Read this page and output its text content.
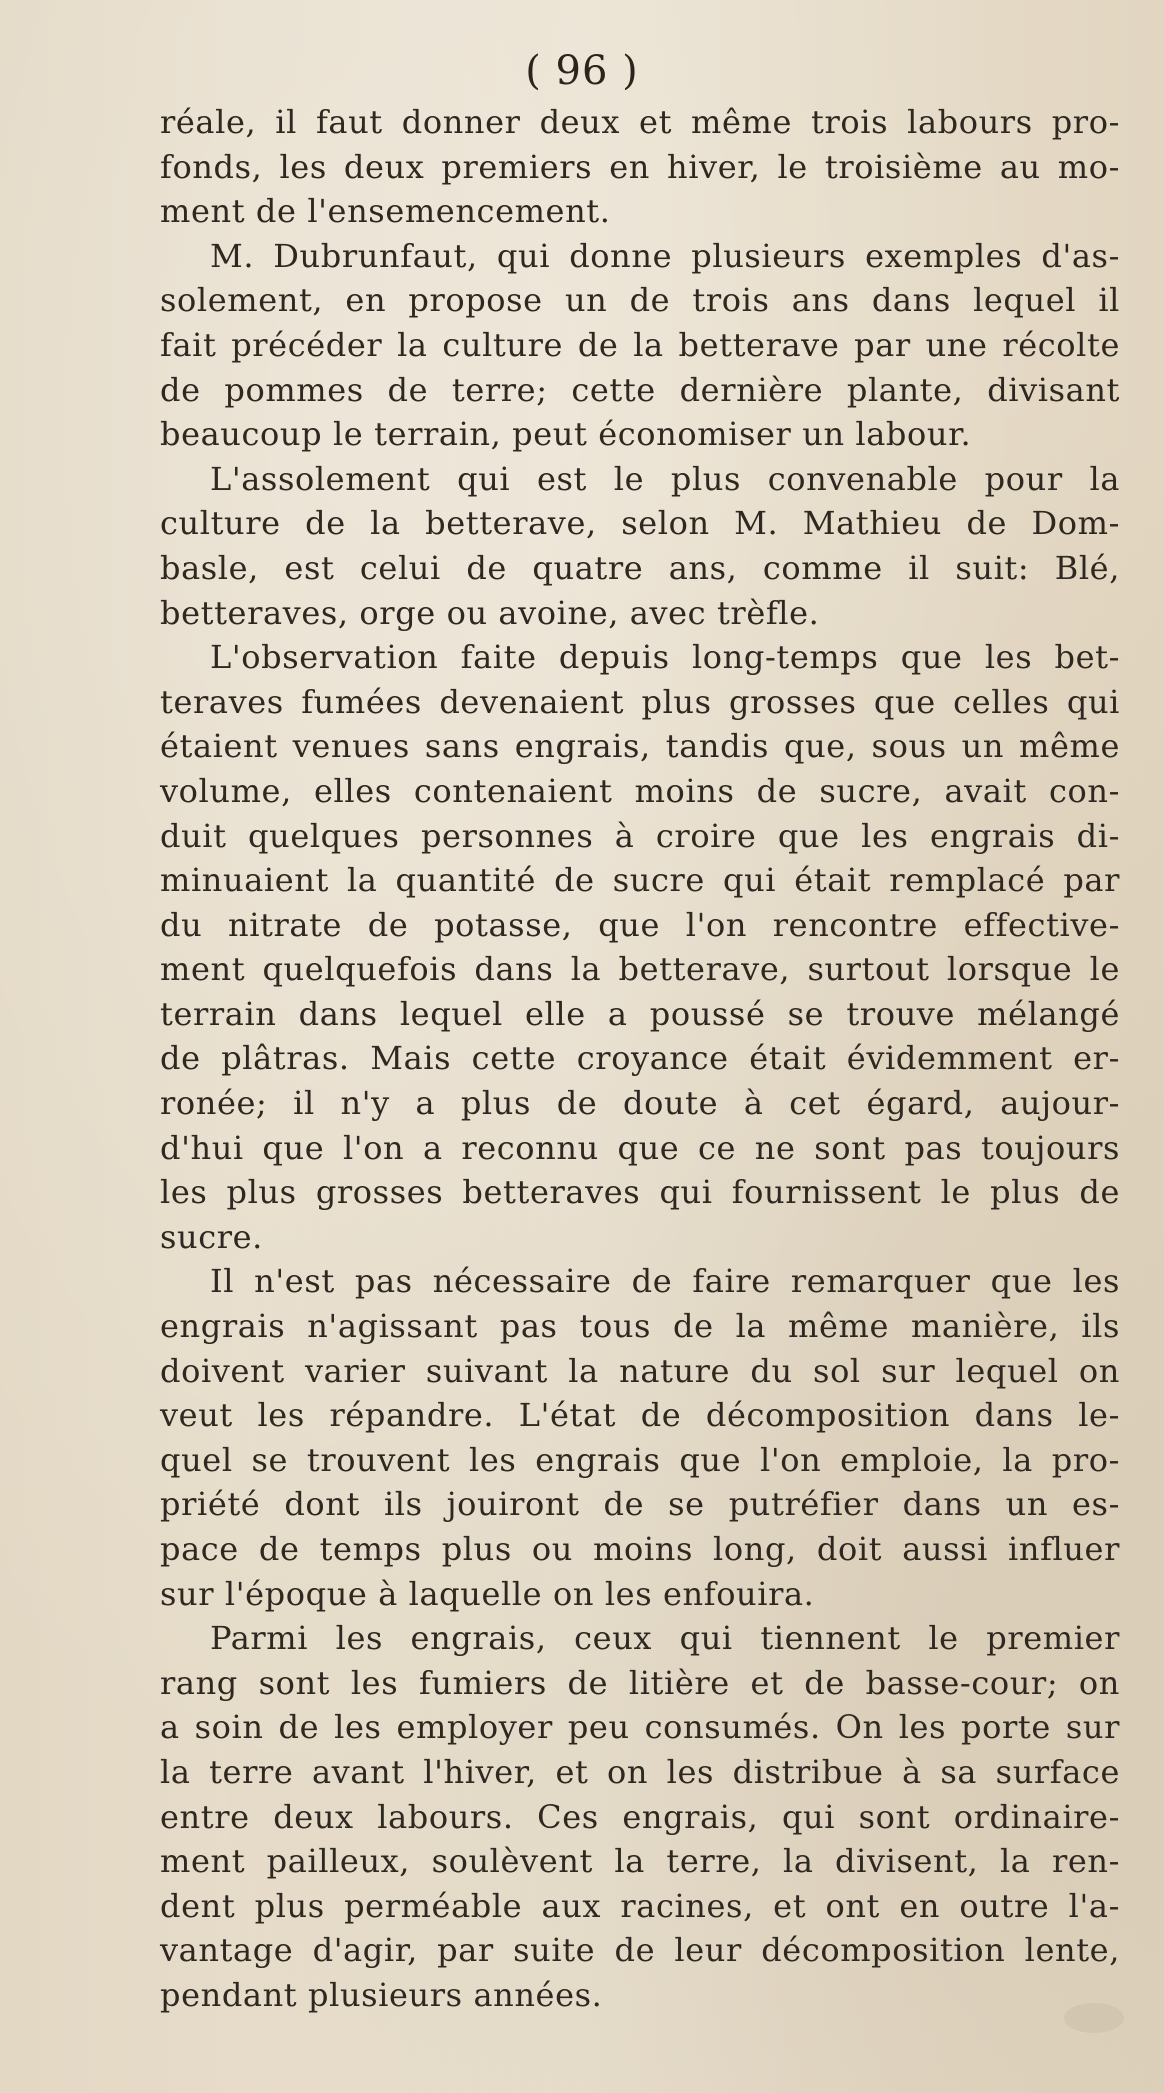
( 96 )
réale, il faut donner deux et même trois labours pro-
fonds, les deux premiers en hiver, le troisième au mo-
ment de l'ensemencement.
M. Dubrunfaut, qui donne plusieurs exemples d'as-
solement, en propose un de trois ans dans lequel il
fait précéder la culture de la betterave par une récolte
de pommes de terre; cette dernière plante, divisant
beaucoup le terrain, peut économiser un labour.
L'assolement qui est le plus convenable pour la
culture de la betterave, selon M. Mathieu de Dom-
basle, est celui de quatre ans, comme il suit: Blé,
betteraves, orge ou avoine, avec trèfle.
L'observation faite depuis long-temps que les bet-
teraves fumées devenaient plus grosses que celles qui
étaient venues sans engrais, tandis que, sous un même
volume, elles contenaient moins de sucre, avait con-
duit quelques personnes à croire que les engrais di-
minuaient la quantité de sucre qui était remplacé par
du nitrate de potasse, que l'on rencontre effective-
ment quelquefois dans la betterave, surtout lorsque le
terrain dans lequel elle a poussé se trouve mélangé
de plâtras. Mais cette croyance était évidemment er-
ronée; il n'y a plus de doute à cet égard, aujour-
d'hui que l'on a reconnu que ce ne sont pas toujours
les plus grosses betteraves qui fournissent le plus de
sucre.
Il n'est pas nécessaire de faire remarquer que les
engrais n'agissant pas tous de la même manière, ils
doivent varier suivant la nature du sol sur lequel on
veut les répandre. L'état de décomposition dans le-
quel se trouvent les engrais que l'on emploie, la pro-
priété dont ils jouiront de se putréfier dans un es-
pace de temps plus ou moins long, doit aussi influer
sur l'époque à laquelle on les enfouira.
Parmi les engrais, ceux qui tiennent le premier
rang sont les fumiers de litière et de basse-cour; on
a soin de les employer peu consumés. On les porte sur
la terre avant l'hiver, et on les distribue à sa surface
entre deux labours. Ces engrais, qui sont ordinaire-
ment pailleux, soulèvent la terre, la divisent, la ren-
dent plus perméable aux racines, et ont en outre l'a-
vantage d'agir, par suite de leur décomposition lente,
pendant plusieurs années.
